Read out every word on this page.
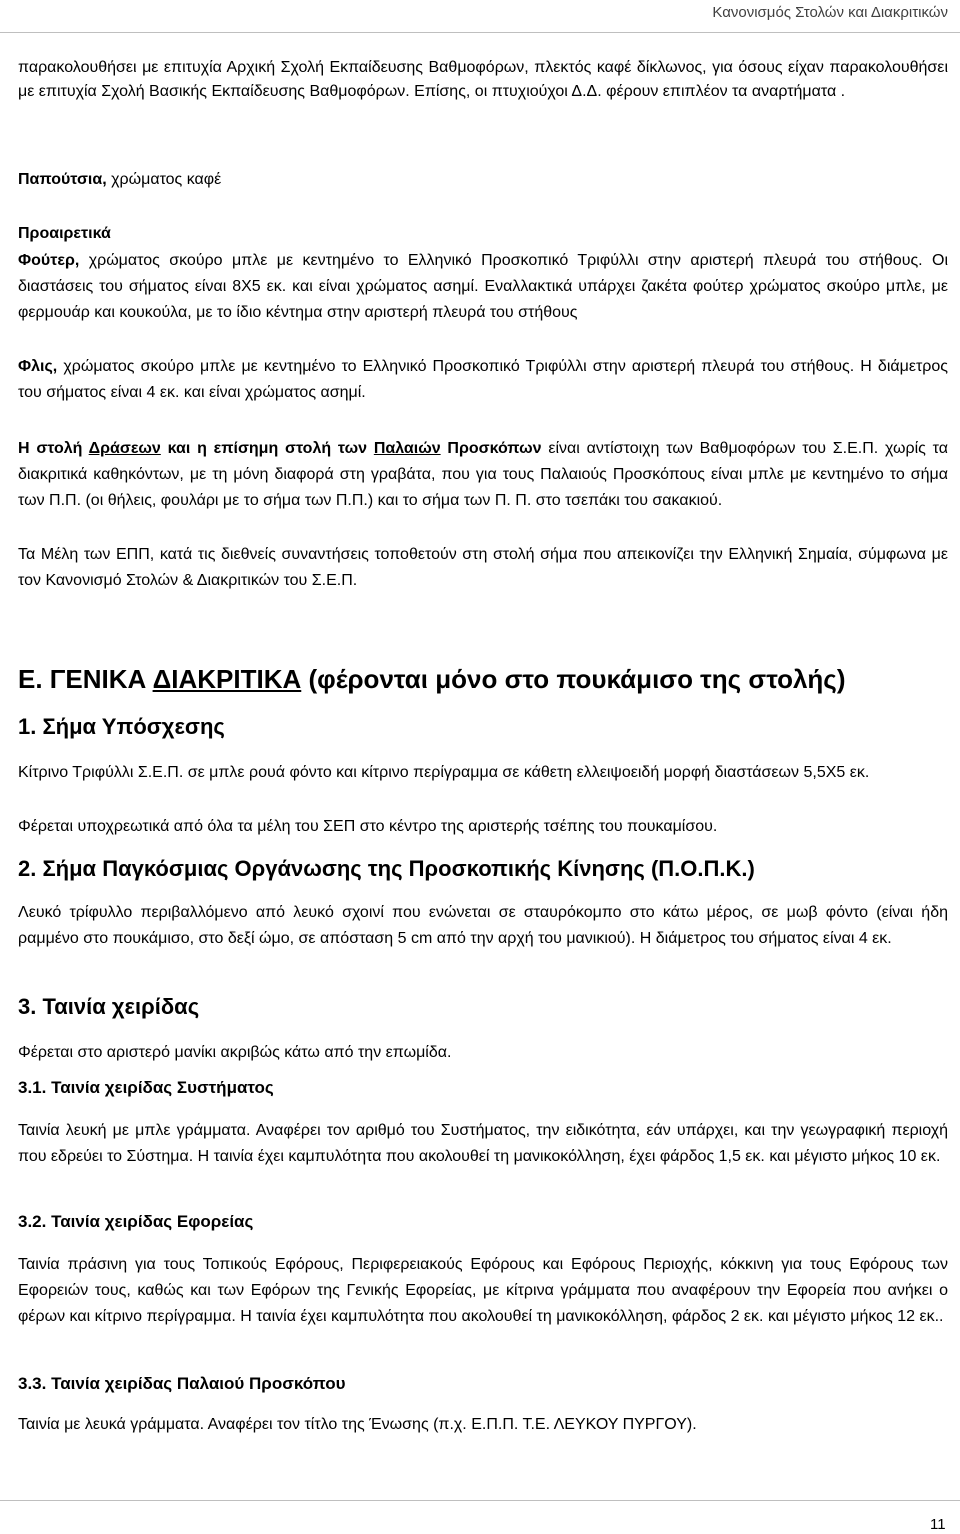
Κανονισμός Στολών και Διακριτικών

παρακολουθήσει με επιτυχία Αρχική Σχολή Εκπαίδευσης Βαθμοφόρων, πλεκτός καφέ δίκλωνος, για όσους είχαν παρακολουθήσει με επιτυχία Σχολή Βασικής Εκπαίδευσης Βαθμοφόρων. Επίσης, οι πτυχιούχοι Δ.Δ. φέρουν επιπλέον τα αναρτήματα .

Παπούτσια, χρώματος καφέ

Προαιρετικά

Φούτερ, χρώματος σκούρο μπλε με κεντημένο το Ελληνικό Προσκοπικό Τριφύλλι στην αριστερή πλευρά του στήθους. Οι διαστάσεις του σήματος είναι 8Χ5 εκ. και είναι χρώματος ασημί. Εναλλακτικά υπάρχει ζακέτα φούτερ χρώματος σκούρο μπλε, με φερμουάρ και κουκούλα, με το ίδιο κέντημα στην αριστερή πλευρά του στήθους

Φλις, χρώματος σκούρο μπλε με κεντημένο το Ελληνικό Προσκοπικό Τριφύλλι στην αριστερή πλευρά του στήθους. Η διάμετρος του σήματος είναι 4 εκ. και είναι χρώματος ασημί.

Η στολή Δράσεων και η επίσημη στολή των Παλαιών Προσκόπων είναι αντίστοιχη των Βαθμοφόρων του Σ.Ε.Π. χωρίς τα διακριτικά καθηκόντων, με τη μόνη διαφορά στη γραβάτα, που για τους Παλαιούς Προσκόπους είναι μπλε με κεντημένο το σήμα των Π.Π. (οι θήλεις, φουλάρι με το σήμα των Π.Π.) και το σήμα των Π. Π. στο τσεπάκι του σακακιού.

Τα Μέλη των ΕΠΠ, κατά τις διεθνείς συναντήσεις τοποθετούν στη στολή σήμα που απεικονίζει την Ελληνική Σημαία, σύμφωνα με τον Κανονισμό Στολών & Διακριτικών του Σ.Ε.Π.

Ε. ΓΕΝΙΚΑ ΔΙΑΚΡΙΤΙΚΑ (φέρονται μόνο στο πουκάμισο της στολής)
1. Σήμα Υπόσχεσης

Κίτρινο Τριφύλλι Σ.Ε.Π. σε μπλε ρουά φόντο και κίτρινο περίγραμμα σε κάθετη ελλειψοειδή μορφή διαστάσεων 5,5Χ5 εκ.

Φέρεται υποχρεωτικά από όλα τα μέλη του ΣΕΠ στο κέντρο της αριστερής τσέπης του πουκαμίσου.

2. Σήμα Παγκόσμιας Οργάνωσης της Προσκοπικής Κίνησης (Π.Ο.Π.Κ.)

Λευκό τρίφυλλο περιβαλλόμενο από λευκό σχοινί που ενώνεται σε σταυρόκομπο στο κάτω μέρος, σε μωβ φόντο (είναι ήδη ραμμένο στο πουκάμισο, στο δεξί ώμο, σε απόσταση 5 cm από την αρχή του μανικιού). Η διάμετρος του σήματος είναι 4 εκ.

3. Ταινία χειρίδας

Φέρεται στο αριστερό μανίκι ακριβώς κάτω από την επωμίδα.

3.1. Ταινία χειρίδας Συστήματος

Ταινία λευκή με μπλε γράμματα. Αναφέρει τον αριθμό του Συστήματος, την ειδικότητα, εάν υπάρχει, και την γεωγραφική περιοχή που εδρεύει το Σύστημα. Η ταινία έχει καμπυλότητα που ακολουθεί τη μανικοκόλληση, έχει φάρδος 1,5 εκ. και μέγιστο μήκος 10 εκ.

3.2. Ταινία χειρίδας Εφορείας

Ταινία πράσινη για τους Τοπικούς Εφόρους, Περιφερειακούς Εφόρους και Εφόρους Περιοχής, κόκκινη για τους Εφόρους των Εφορειών τους, καθώς και των Εφόρων της Γενικής Εφορείας, με κίτρινα γράμματα που αναφέρουν την Εφορεία που ανήκει ο φέρων και κίτρινο περίγραμμα. Η ταινία έχει καμπυλότητα που ακολουθεί τη μανικοκόλληση, φάρδος 2 εκ. και μέγιστο μήκος 12 εκ..

3.3. Ταινία χειρίδας Παλαιού Προσκόπου

Ταινία με λευκά γράμματα. Αναφέρει τον τίτλο της Ένωσης (π.χ. Ε.Π.Π. Τ.Ε. ΛΕΥΚΟΥ ΠΥΡΓΟΥ).

11
